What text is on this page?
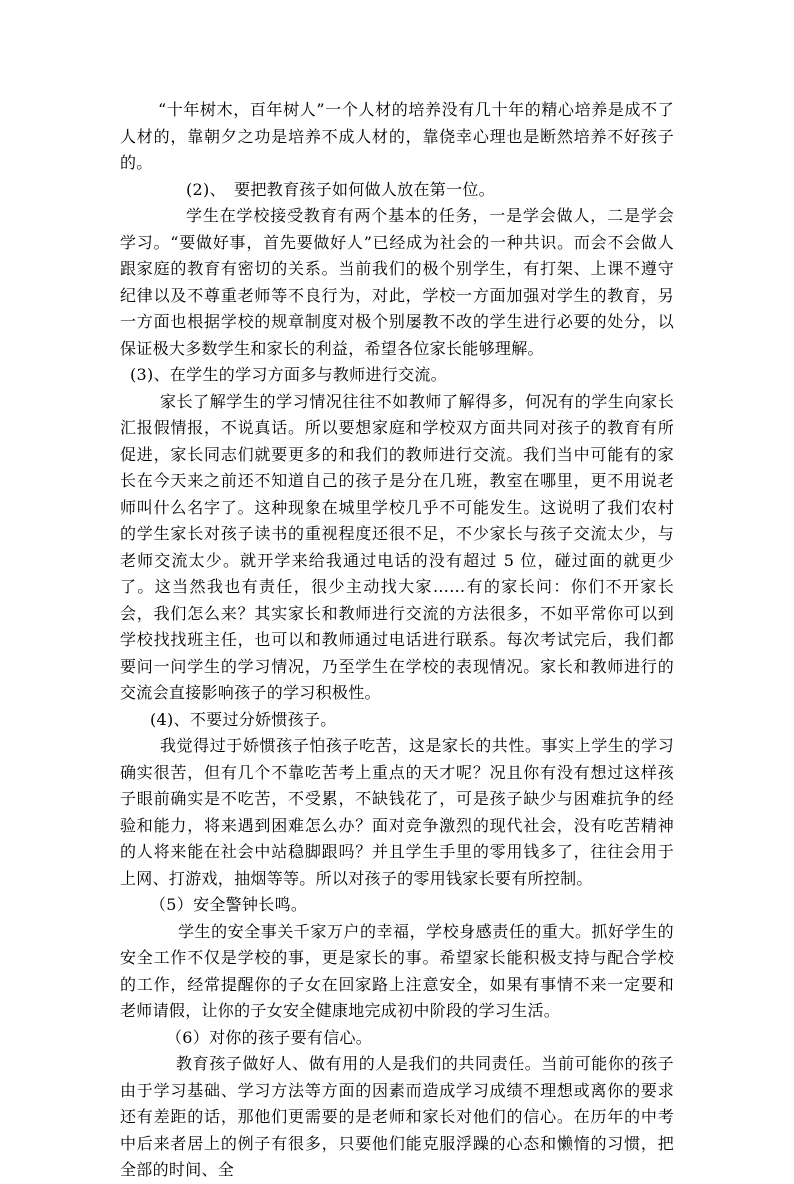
“十年树木，百年树人”一个人材的培养没有几十年的精心培养是成不了人材的，靠朝夕之功是培养不成人材的，靠侥幸心理也是断然培养不好孩子的。

(2)、　要把教育孩子如何做人放在第一位。

学生在学校接受教育有两个基本的任务，一是学会做人，二是学会学习。“要做好事，首先要做好人”已经成为社会的一种共识。而会不会做人跟家庭的教育有密切的关系。当前我们的极个别学生，有打架、上课不遵守纪律以及不尊重老师等不良行为，对此，学校一方面加强对学生的教育，另一方面也根据学校的规章制度对极个别屡教不改的学生进行必要的处分，以保证极大多数学生和家长的利益，希望各位家长能够理解。

(3)、在学生的学习方面多与教师进行交流。

家长了解学生的学习情况往往不如教师了解得多，何况有的学生向家长汇报假情报，不说真话。所以要想家庭和学校双方面共同对孩子的教育有所促进，家长同志们就要更多的和我们的教师进行交流。我们当中可能有的家长在今天来之前还不知道自己的孩子是分在几班，教室在哪里，更不用说老师叫什么名字了。这种现象在城里学校几乎不可能发生。这说明了我们农村的学生家长对孩子读书的重视程度还很不足，不少家长与孩子交流太少，与老师交流太少。就开学来给我通过电话的没有超过 5 位，碰过面的就更少了。这当然我也有责任，很少主动找大家……有的家长问：你们不开家长会，我们怎么来？其实家长和教师进行交流的方法很多，不如平常你可以到学校找找班主任，也可以和教师通过电话进行联系。每次考试完后，我们都要问一问学生的学习情况，乃至学生在学校的表现情况。家长和教师进行的交流会直接影响孩子的学习积极性。

(4)、不要过分娇惯孩子。

我觉得过于娇惯孩子怕孩子吃苦，这是家长的共性。事实上学生的学习确实很苦，但有几个不靠吃苦考上重点的天才呢？况且你有没有想过这样孩子眼前确实是不吃苦，不受累，不缺钱花了，可是孩子缺少与困难抗争的经验和能力，将来遇到困难怎么办？面对竞争激烈的现代社会，没有吃苦精神的人将来能在社会中站稳脚跟吗？并且学生手里的零用钱多了，往往会用于上网、打游戏，抽烟等等。所以对孩子的零用钱家长要有所控制。

（5）安全警钟长鸣。

学生的安全事关千家万户的幸福，学校身感责任的重大。抓好学生的安全工作不仅是学校的事，更是家长的事。希望家长能积极支持与配合学校的工作，经常提醒你的子女在回家路上注意安全，如果有事情不来一定要和老师请假，让你的子女安全健康地完成初中阶段的学习生活。

（6）对你的孩子要有信心。

教育孩子做好人、做有用的人是我们的共同责任。当前可能你的孩子由于学习基础、学习方法等方面的因素而造成学习成绩不理想或离你的要求还有差距的话，那他们更需要的是老师和家长对他们的信心。在历年的中考中后来者居上的例子有很多，只要他们能克服浮躁的心态和懒惰的习惯，把全部的时间、全
